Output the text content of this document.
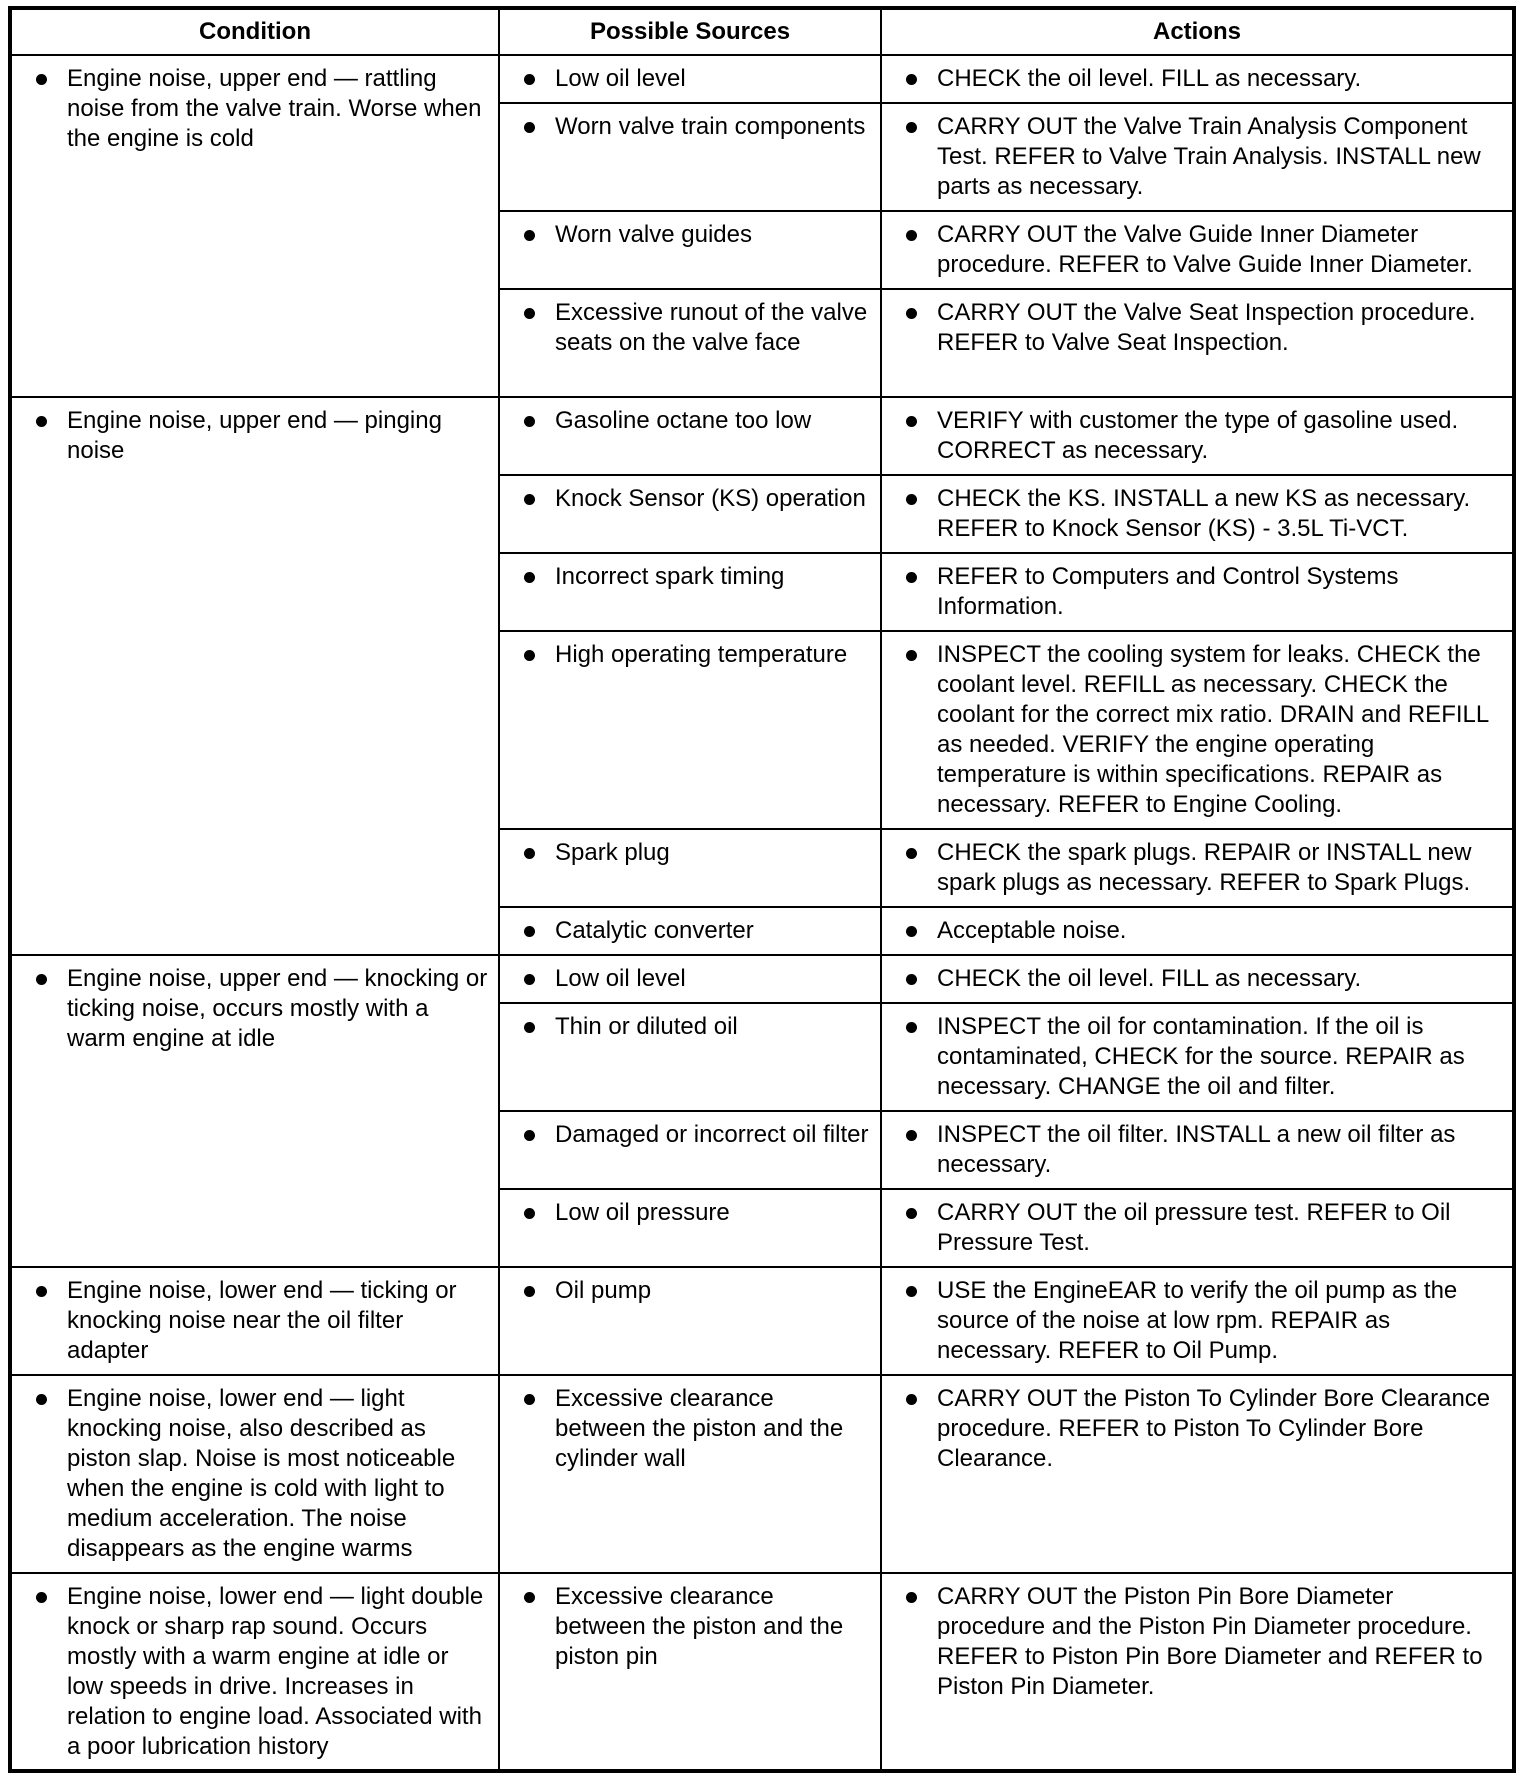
Condition	Possible Sources	Actions

Engine noise, upper end — rattling noise from the valve train. Worse when the engine is cold	Low oil level	CHECK the oil level. FILL as necessary.

	Worn valve train components	CARRY OUT the Valve Train Analysis Component Test. REFER to Valve Train Analysis. INSTALL new parts as necessary.

	Worn valve guides	CARRY OUT the Valve Guide Inner Diameter procedure. REFER to Valve Guide Inner Diameter.

	Excessive runout of the valve seats on the valve face	CARRY OUT the Valve Seat Inspection procedure. REFER to Valve Seat Inspection.

Engine noise, upper end — pinging noise	Gasoline octane too low	VERIFY with customer the type of gasoline used. CORRECT as necessary.

	Knock Sensor (KS) operation	CHECK the KS. INSTALL a new KS as necessary. REFER to Knock Sensor (KS) - 3.5L Ti-VCT.

	Incorrect spark timing	REFER to Computers and Control Systems Information.

	High operating temperature	INSPECT the cooling system for leaks. CHECK the coolant level. REFILL as necessary. CHECK the coolant for the correct mix ratio. DRAIN and REFILL as needed. VERIFY the engine operating temperature is within specifications. REPAIR as necessary. REFER to Engine Cooling.

	Spark plug	CHECK the spark plugs. REPAIR or INSTALL new spark plugs as necessary. REFER to Spark Plugs.

	Catalytic converter	Acceptable noise.

Engine noise, upper end — knocking or ticking noise, occurs mostly with a warm engine at idle	Low oil level	CHECK the oil level. FILL as necessary.

	Thin or diluted oil	INSPECT the oil for contamination. If the oil is contaminated, CHECK for the source. REPAIR as necessary. CHANGE the oil and filter.

	Damaged or incorrect oil filter	INSPECT the oil filter. INSTALL a new oil filter as necessary.

	Low oil pressure	CARRY OUT the oil pressure test. REFER to Oil Pressure Test.

Engine noise, lower end — ticking or knocking noise near the oil filter adapter	Oil pump	USE the EngineEAR to verify the oil pump as the source of the noise at low rpm. REPAIR as necessary. REFER to Oil Pump.

Engine noise, lower end — light knocking noise, also described as piston slap. Noise is most noticeable when the engine is cold with light to medium acceleration. The noise disappears as the engine warms	Excessive clearance between the piston and the cylinder wall	CARRY OUT the Piston To Cylinder Bore Clearance procedure. REFER to Piston To Cylinder Bore Clearance.

Engine noise, lower end — light double knock or sharp rap sound. Occurs mostly with a warm engine at idle or low speeds in drive. Increases in relation to engine load. Associated with a poor lubrication history	Excessive clearance between the piston and the piston pin	CARRY OUT the Piston Pin Bore Diameter procedure and the Piston Pin Diameter procedure. REFER to Piston Pin Bore Diameter and REFER to Piston Pin Diameter.
